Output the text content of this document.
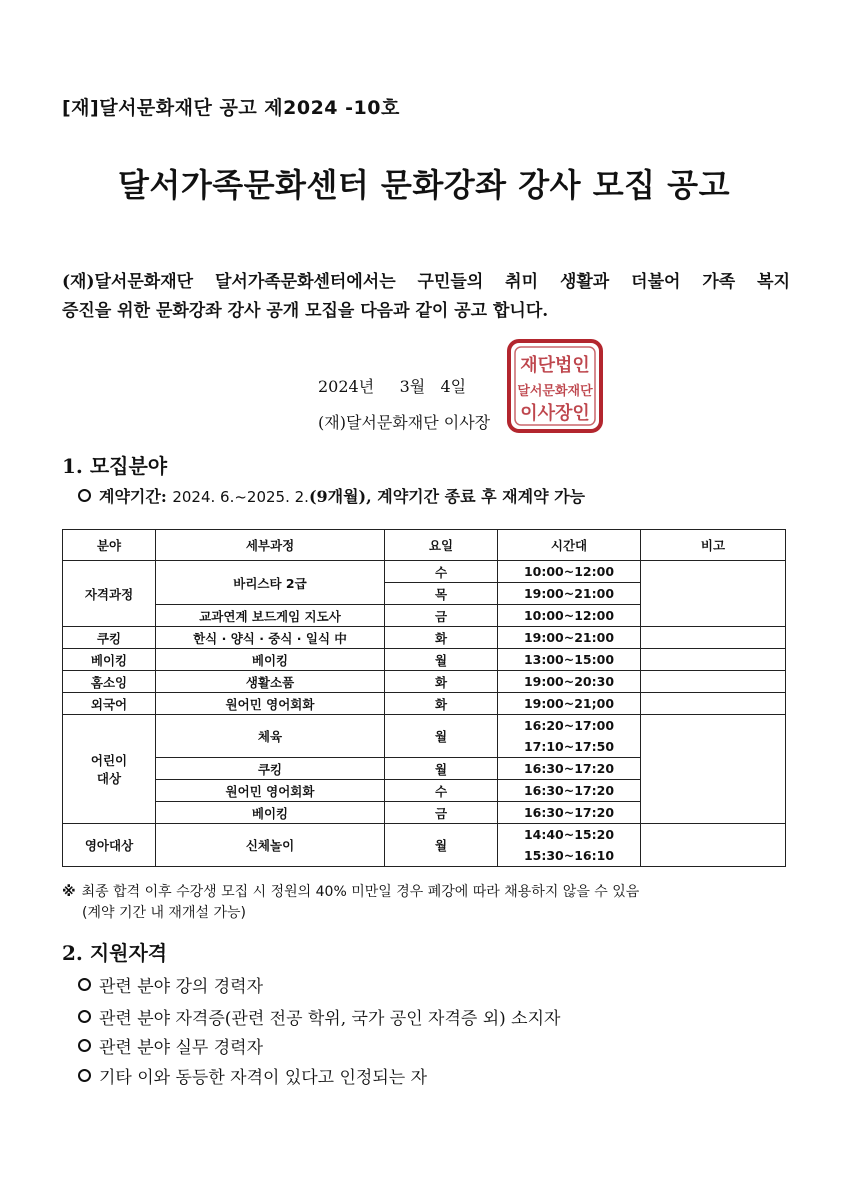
[재]달서문화재단 공고 제2024 -10호
달서가족문화센터 문화강좌 강사 모집 공고
(재)달서문화재단 달서가족문화센터에서는 구민들의 취미 생활과 더불어 가족 복지
증진을 위한 문화강좌 강사 공개 모집을 다음과 같이 공고 합니다.
2024년     3월   4일
(재)달서문화재단 이사장
재단법인
달서문화재단
이사장인
1. 모집분야
계약기간: 2024. 6.~2025. 2.(9개월), 계약기간 종료 후 재계약 가능
분야	세부과정	요일	시간대	비고
자격과정	바리스타 2급	수	10:00~12:00	
		목	19:00~21:00	
	교과연계 보드게임 지도사	금	10:00~12:00	
쿠킹	한식 · 양식 · 중식 · 일식 中	화	19:00~21:00	
베이킹	베이킹	월	13:00~15:00	
홈소잉	생활소품	화	19:00~20:30	
외국어	원어민 영어회화	화	19:00~21;00	
어린이
대상	체육	월	16:20~17:00	
			17:10~17:50	
	쿠킹	월	16:30~17:20	
	원어민 영어회화	수	16:30~17:20	
	베이킹	금	16:30~17:20	
영아대상	신체놀이	월	14:40~15:20	
			15:30~16:10	
※ 최종 합격 이후 수강생 모집 시 정원의 40% 미만일 경우 폐강에 따라 채용하지 않을 수 있음
(계약 기간 내 재개설 가능)
2. 지원자격
관련 분야 강의 경력자
관련 분야 자격증(관련 전공 학위, 국가 공인 자격증 외) 소지자
관련 분야 실무 경력자
기타 이와 동등한 자격이 있다고 인정되는 자
